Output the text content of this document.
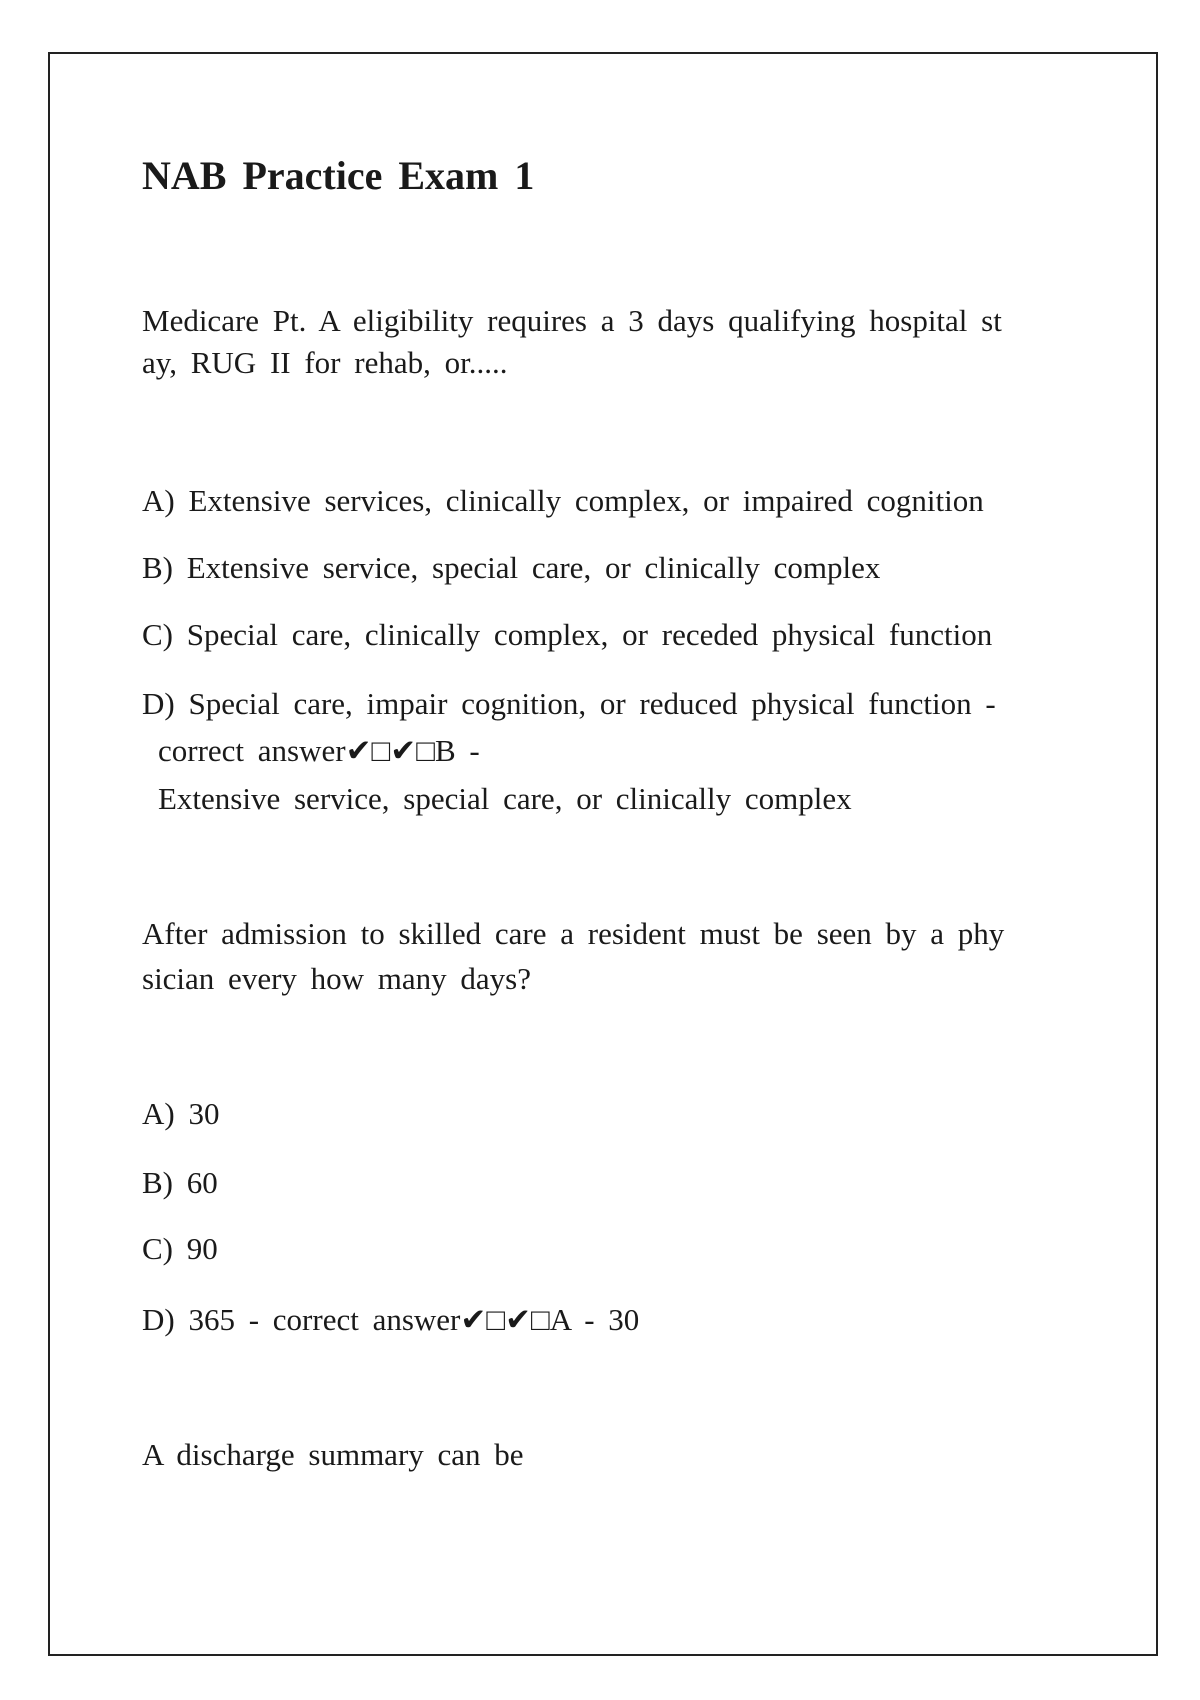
NAB Practice Exam 1

Medicare Pt. A eligibility requires a 3 days qualifying hospital st

ay, RUG II for rehab, or.....

A) Extensive services, clinically complex, or impaired cognition

B) Extensive service, special care, or clinically complex

C) Special care, clinically complex, or receded physical function

D) Special care, impair cognition, or reduced physical function -

correct answer✔□✔□B -

Extensive service, special care, or clinically complex

After admission to skilled care a resident must be seen by a phy

sician every how many days?

A) 30

B) 60

C) 90

D) 365 - correct answer✔□✔□A - 30

A discharge summary can be
